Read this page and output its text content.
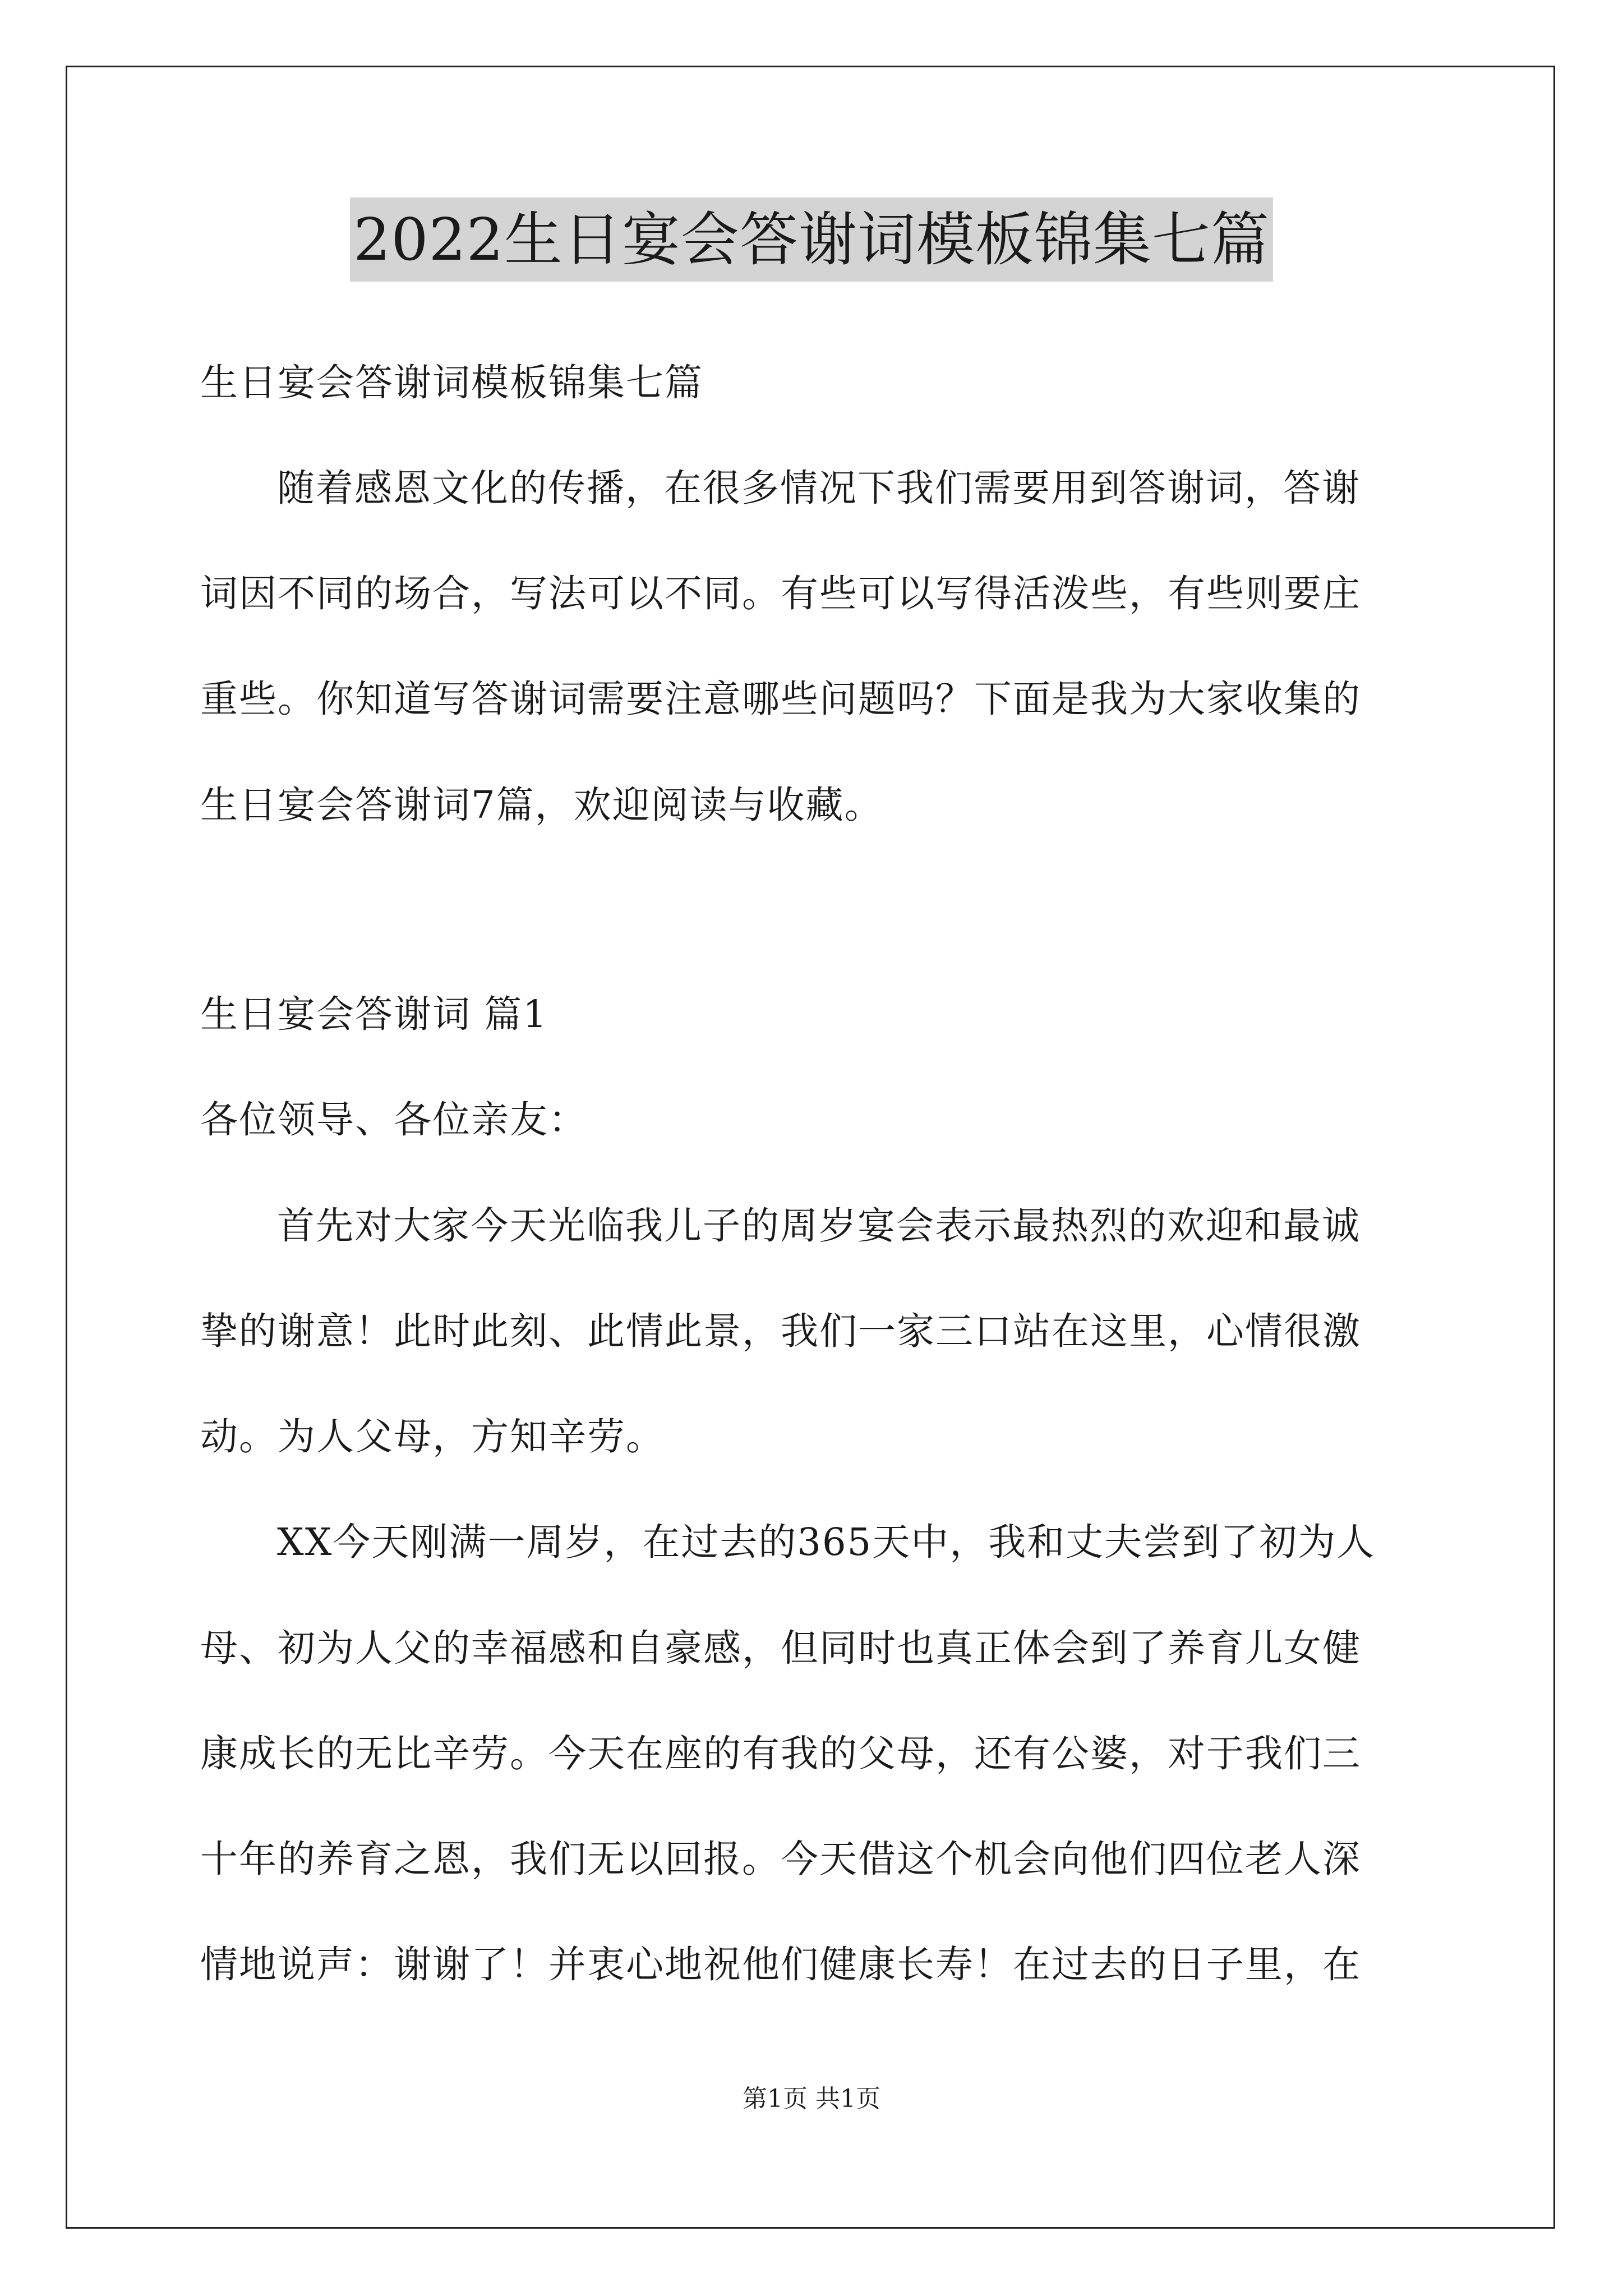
2022生日宴会答谢词模板锦集七篇
生日宴会答谢词模板锦集七篇
随着感恩文化的传播，在很多情况下我们需要用到答谢词，答谢
词因不同的场合，写法可以不同。有些可以写得活泼些，有些则要庄
重些。你知道写答谢词需要注意哪些问题吗？下面是我为大家收集的
生日宴会答谢词7篇，欢迎阅读与收藏。
生日宴会答谢词 篇1
各位领导、各位亲友：
首先对大家今天光临我儿子的周岁宴会表示最热烈的欢迎和最诚
挚的谢意！此时此刻、此情此景，我们一家三口站在这里，心情很激
动。为人父母，方知辛劳。
XX今天刚满一周岁，在过去的365天中，我和丈夫尝到了初为人
母、初为人父的幸福感和自豪感，但同时也真正体会到了养育儿女健
康成长的无比辛劳。今天在座的有我的父母，还有公婆，对于我们三
十年的养育之恩，我们无以回报。今天借这个机会向他们四位老人深
情地说声：谢谢了！并衷心地祝他们健康长寿！在过去的日子里，在
第1页 共1页
